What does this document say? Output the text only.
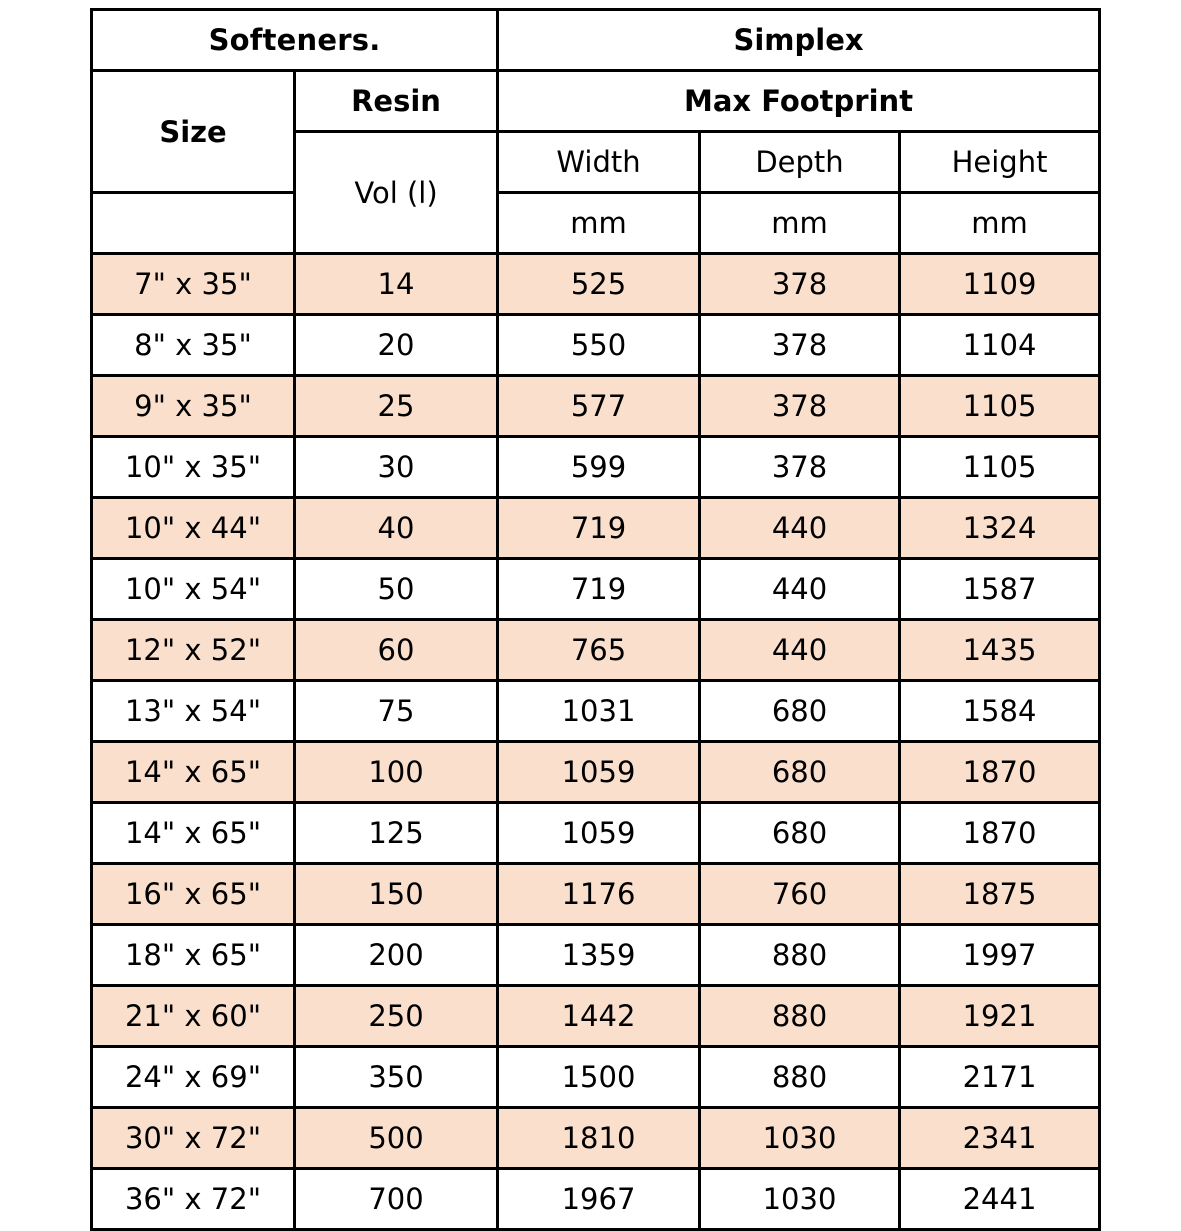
Softeners.		Simplex		
Size	Resin	Max Footprint		
	Vol (l)	Width	Depth	Height
		mm	mm	mm
7" x 35"	14	525	378	1109
8" x 35"	20	550	378	1104
9" x 35"	25	577	378	1105
10" x 35"	30	599	378	1105
10" x 44"	40	719	440	1324
10" x 54"	50	719	440	1587
12" x 52"	60	765	440	1435
13" x 54"	75	1031	680	1584
14" x 65"	100	1059	680	1870
14" x 65"	125	1059	680	1870
16" x 65"	150	1176	760	1875
18" x 65"	200	1359	880	1997
21" x 60"	250	1442	880	1921
24" x 69"	350	1500	880	2171
30" x 72"	500	1810	1030	2341
36" x 72"	700	1967	1030	2441
